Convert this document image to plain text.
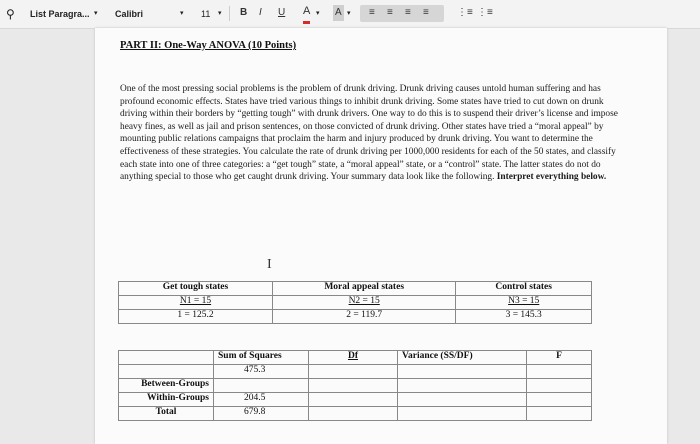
⚲ List Paragra... ▾ Calibri	▾ 11 ▾ B I U A ▾ A ▾ ≡ ≡ ≡ ≡	⋮≡ ⋮≡
PART II: One-Way ANOVA (10 Points)
One of the most pressing social problems is the problem of drunk driving. Drunk driving causes untold human suffering and has profound economic effects. States have tried various things to inhibit drunk driving. Some states have tried to cut down on drunk driving within their borders by “getting tough” with drunk drivers. One way to do this is to suspend their driver’s license and impose heavy fines, as well as jail and prison sentences, on those convicted of drunk driving. Other states have tried a “moral appeal” by mounting public relations campaigns that proclaim the harm and injury produced by drunk driving. You want to determine the effectiveness of these strategies. You calculate the rate of drunk driving per 1000,000 residents for each of the 50 states, and classify each state into one of three categories: a “get tough” state, a “moral appeal” state, or a “control” state. The latter states do not do anything special to those who get caught drunk driving. Your summary data look like the following. Interpret everything below.
I
Get tough states	Moral appeal states	Control states
N1 = 15	N2 = 15	N3 = 15
1 = 125.2	2 = 119.7	3 = 145.3
	Sum of Squares	Df	Variance (SS/DF)	F
	475.3			
Between-Groups				
Within-Groups	204.5			
Total	679.8			
